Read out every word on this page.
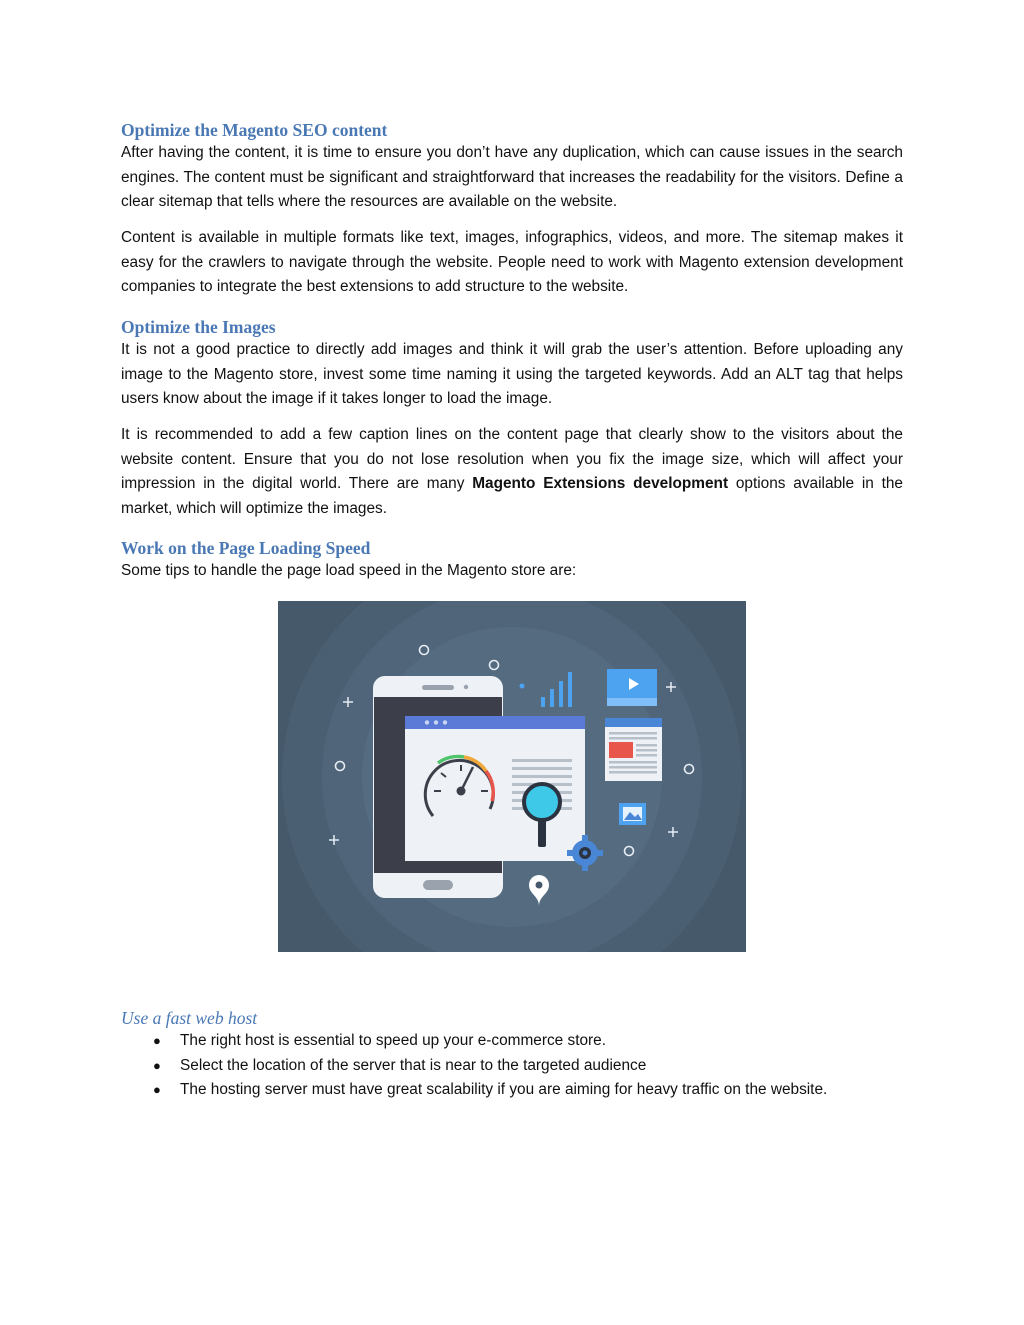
Optimize the Magento SEO content

After having the content, it is time to ensure you don’t have any duplication, which can cause issues in the search engines. The content must be significant and straightforward that increases the readability for the visitors. Define a clear sitemap that tells where the resources are available on the website.

Content is available in multiple formats like text, images, infographics, videos, and more. The sitemap makes it easy for the crawlers to navigate through the website. People need to work with Magento extension development companies to integrate the best extensions to add structure to the website.

Optimize the Images

It is not a good practice to directly add images and think it will grab the user’s attention. Before uploading any image to the Magento store, invest some time naming it using the targeted keywords. Add an ALT tag that helps users know about the image if it takes longer to load the image.

It is recommended to add a few caption lines on the content page that clearly show to the visitors about the website content. Ensure that you do not lose resolution when you fix the image size, which will affect your impression in the digital world. There are many Magento Extensions development options available in the market, which will optimize the images.

Work on the Page Loading Speed

Some tips to handle the page load speed in the Magento store are:

Use a fast web host
● The right host is essential to speed up your e-commerce store.
● Select the location of the server that is near to the targeted audience
● The hosting server must have great scalability if you are aiming for heavy traffic on the website.
